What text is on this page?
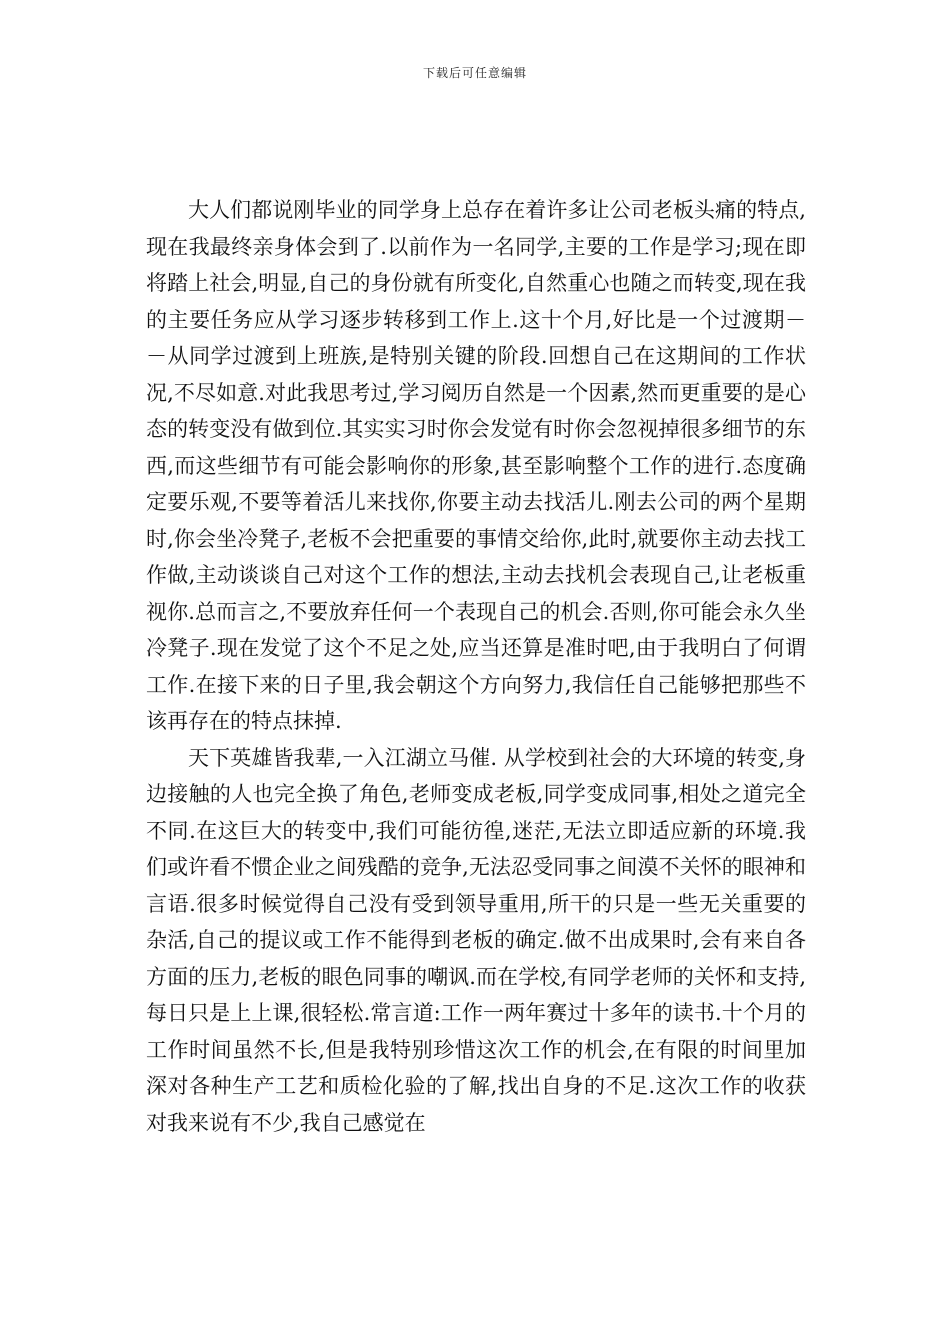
下载后可任意编辑

大人们都说刚毕业的同学身上总存在着许多让公司老板头痛的特点,现在我最终亲身体会到了.以前作为一名同学,主要的工作是学习;现在即将踏上社会,明显,自己的身份就有所变化,自然重心也随之而转变,现在我的主要任务应从学习逐步转移到工作上.这十个月,好比是一个过渡期－－从同学过渡到上班族,是特别关键的阶段.回想自己在这期间的工作状况,不尽如意.对此我思考过,学习阅历自然是一个因素,然而更重要的是心态的转变没有做到位.其实实习时你会发觉有时你会忽视掉很多细节的东西,而这些细节有可能会影响你的形象,甚至影响整个工作的进行.态度确定要乐观,不要等着活儿来找你,你要主动去找活儿.刚去公司的两个星期时,你会坐冷凳子,老板不会把重要的事情交给你,此时,就要你主动去找工作做,主动谈谈自己对这个工作的想法,主动去找机会表现自己,让老板重视你.总而言之,不要放弃任何一个表现自己的机会.否则,你可能会永久坐冷凳子.现在发觉了这个不足之处,应当还算是准时吧,由于我明白了何谓工作.在接下来的日子里,我会朝这个方向努力,我信任自己能够把那些不该再存在的特点抹掉.

天下英雄皆我辈,一入江湖立马催. 从学校到社会的大环境的转变,身边接触的人也完全换了角色,老师变成老板,同学变成同事,相处之道完全不同.在这巨大的转变中,我们可能彷徨,迷茫,无法立即适应新的环境.我们或许看不惯企业之间残酷的竞争,无法忍受同事之间漠不关怀的眼神和言语.很多时候觉得自己没有受到领导重用,所干的只是一些无关重要的杂活,自己的提议或工作不能得到老板的确定.做不出成果时,会有来自各方面的压力,老板的眼色同事的嘲讽.而在学校,有同学老师的关怀和支持,每日只是上上课,很轻松.常言道:工作一两年赛过十多年的读书.十个月的工作时间虽然不长,但是我特别珍惜这次工作的机会,在有限的时间里加深对各种生产工艺和质检化验的了解,找出自身的不足.这次工作的收获对我来说有不少,我自己感觉在
